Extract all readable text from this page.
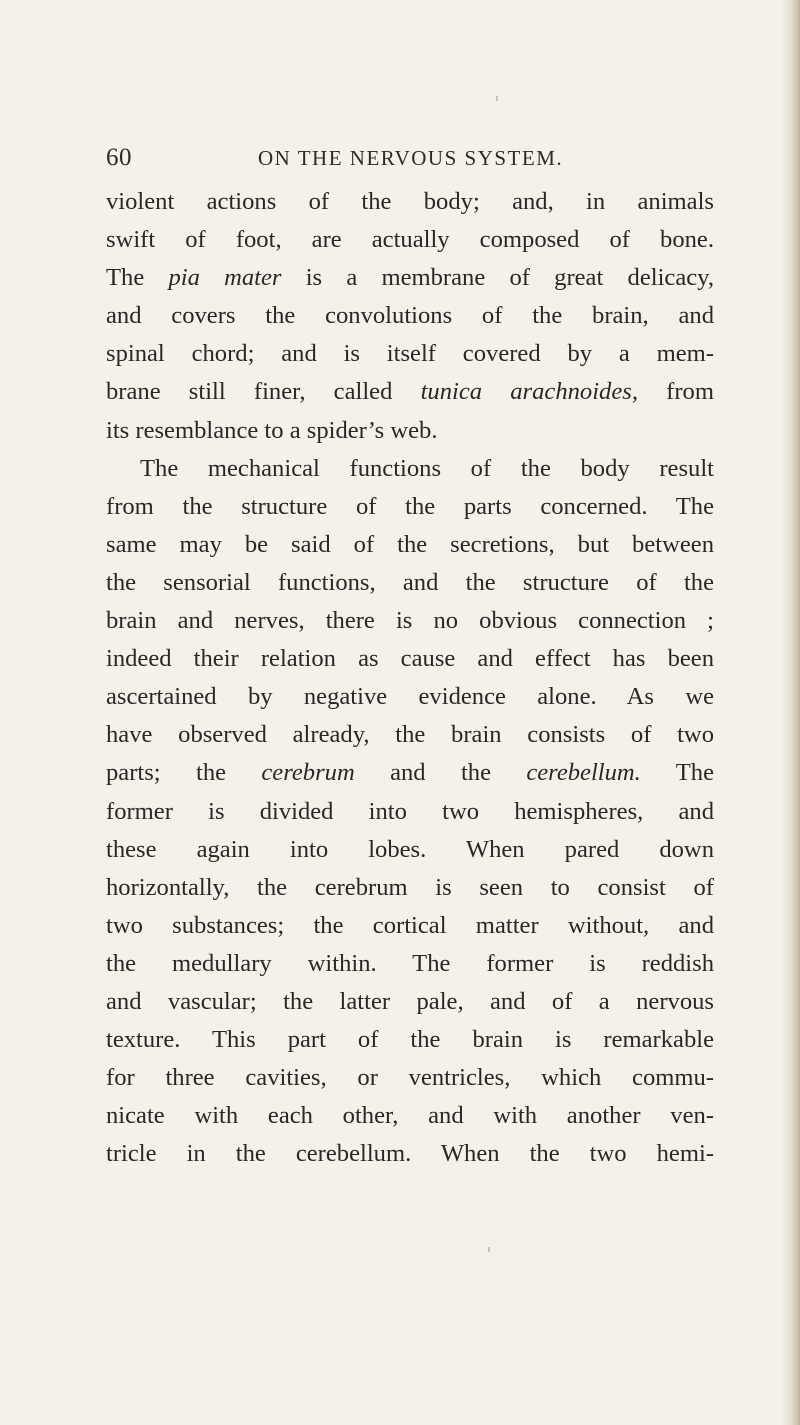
60	ON THE NERVOUS SYSTEM.
violent actions of the body; and, in animals
swift of foot, are actually composed of bone.
The pia mater is a membrane of great delicacy,
and covers the convolutions of the brain, and
spinal chord; and is itself covered by a mem-
brane still finer, called tunica arachnoides, from
its resemblance to a spider’s web.
The mechanical functions of the body result
from the structure of the parts concerned. The
same may be said of the secretions, but between
the sensorial functions, and the structure of the
brain and nerves, there is no obvious connection ;
indeed their relation as cause and effect has been
ascertained by negative evidence alone. As we
have observed already, the brain consists of two
parts; the cerebrum and the cerebellum. The
former is divided into two hemispheres, and
these again into lobes. When pared down
horizontally, the cerebrum is seen to consist of
two substances; the cortical matter without, and
the medullary within. The former is reddish
and vascular; the latter pale, and of a nervous
texture. This part of the brain is remarkable
for three cavities, or ventricles, which commu-
nicate with each other, and with another ven-
tricle in the cerebellum. When the two hemi-
